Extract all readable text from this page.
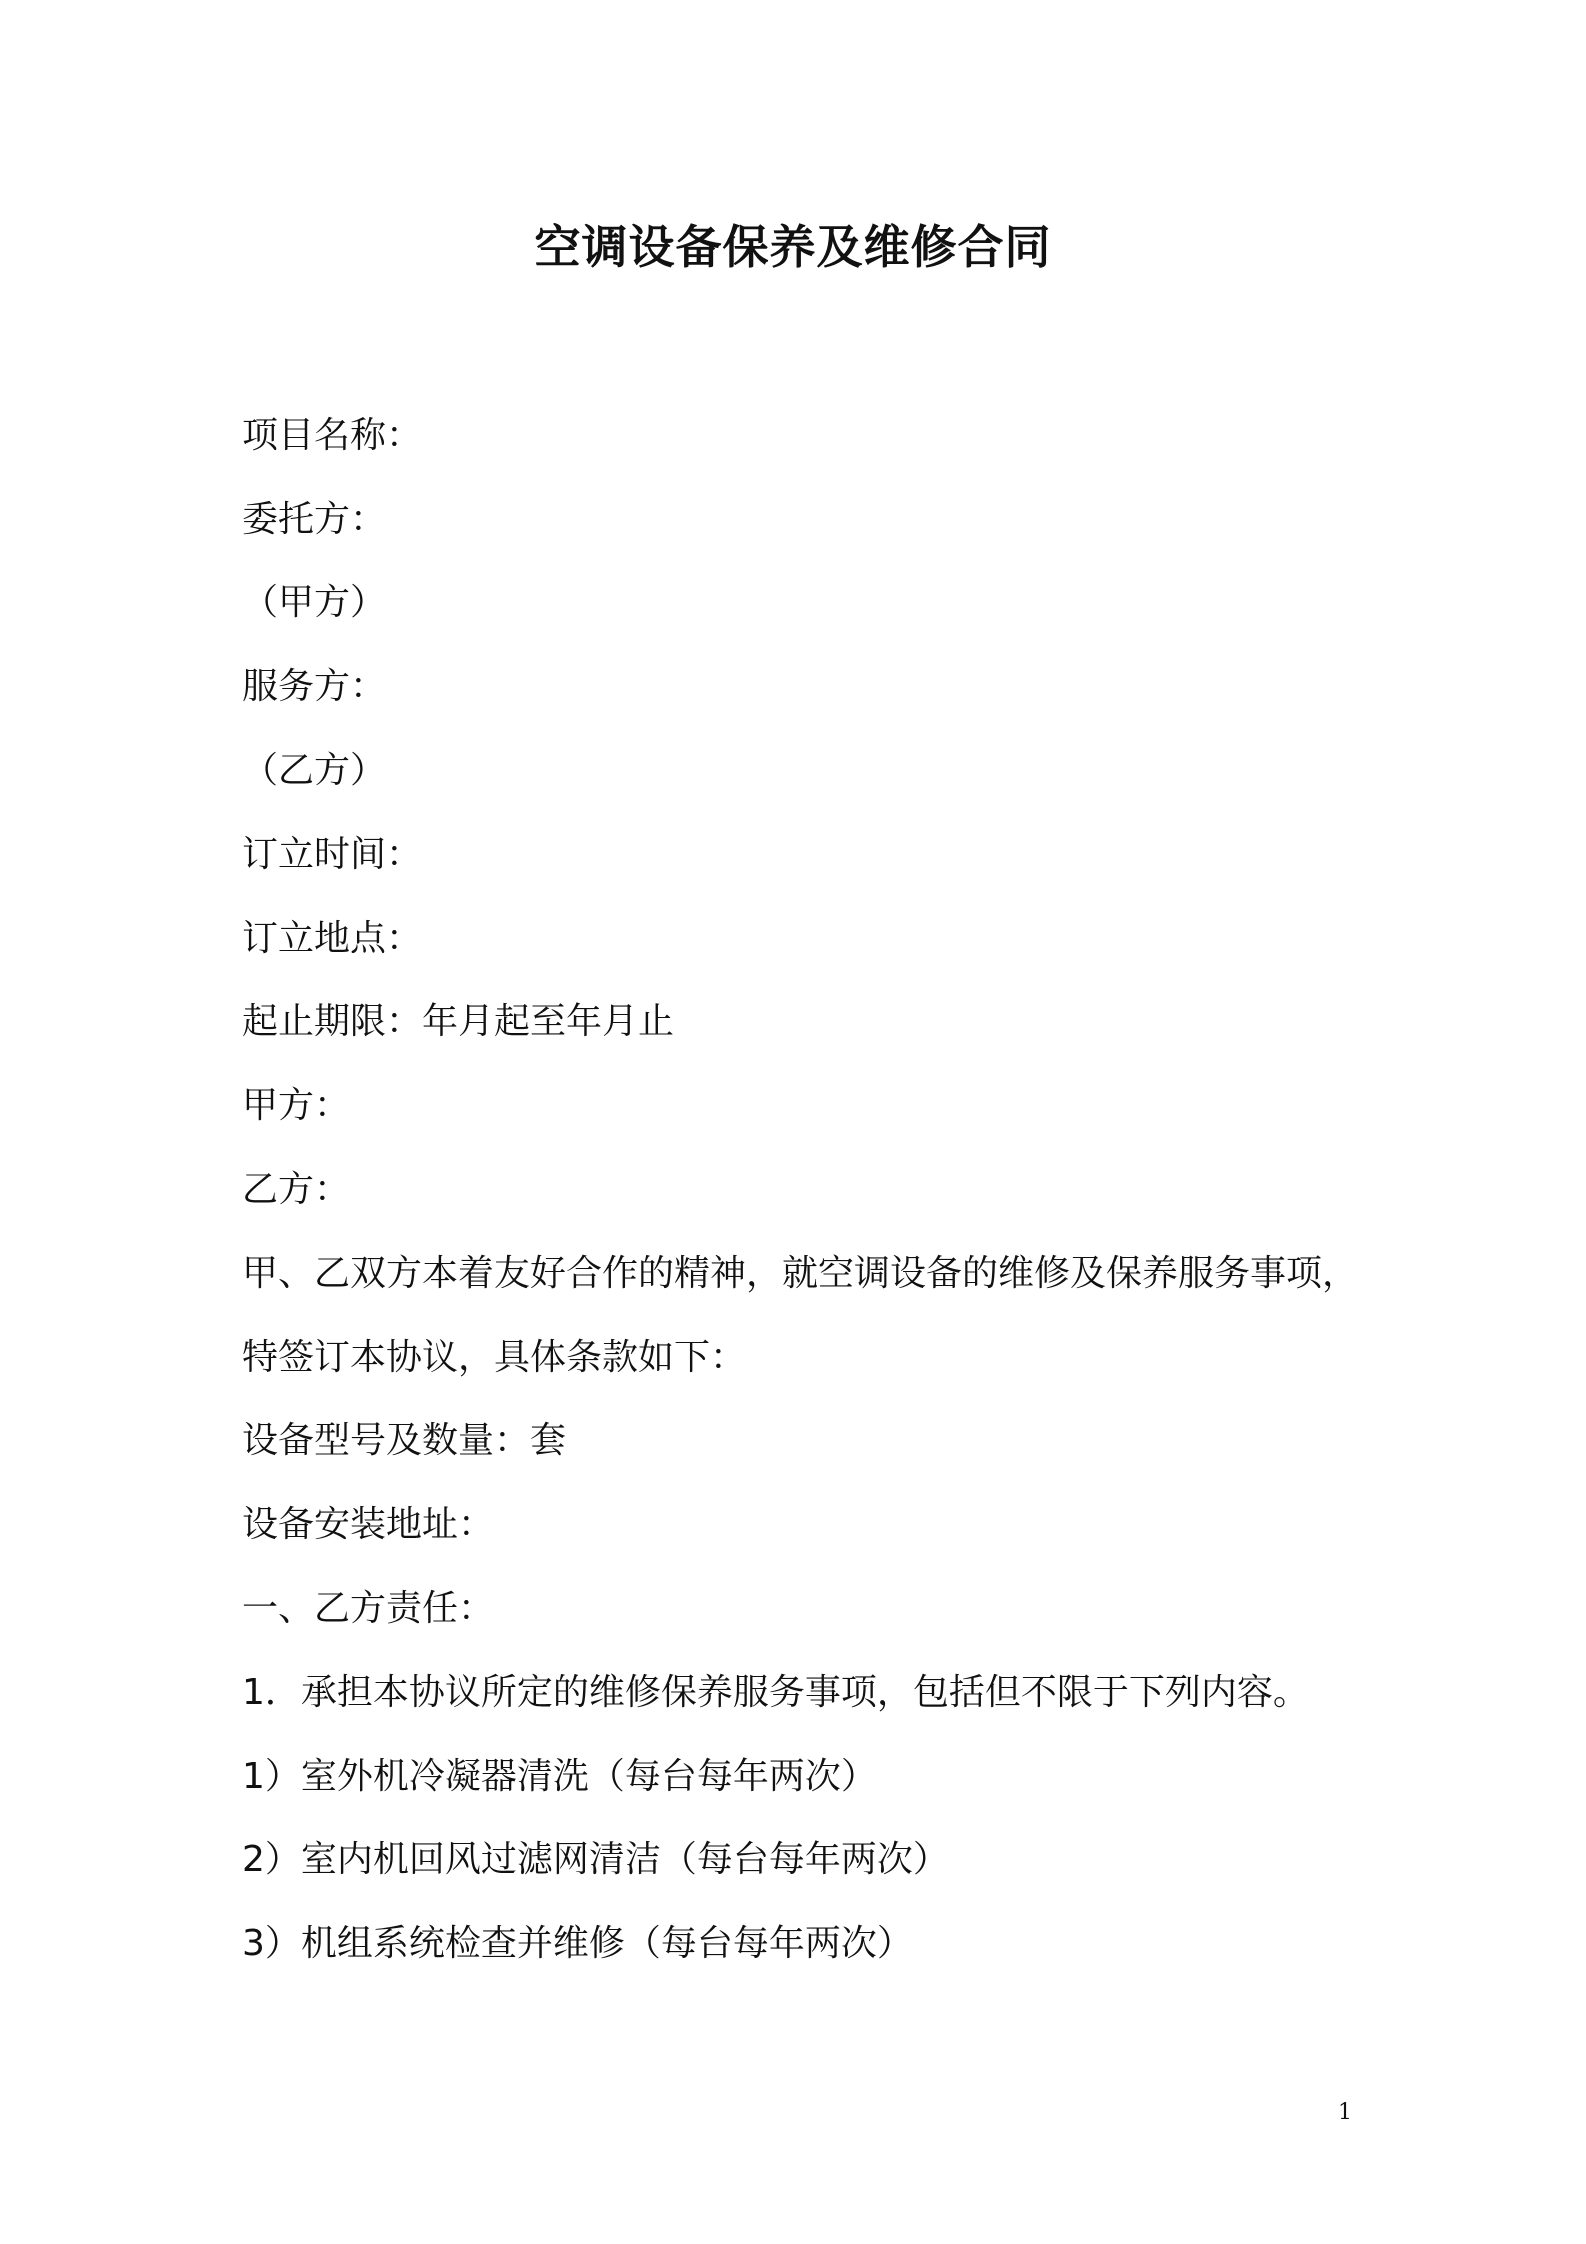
空调设备保养及维修合同

项目名称：

委托方：

（甲方）

服务方：

（乙方）

订立时间：

订立地点：

起止期限：年月起至年月止

甲方：

乙方：

甲、乙双方本着友好合作的精神，就空调设备的维修及保养服务事项，

特签订本协议，具体条款如下：

设备型号及数量：套

设备安装地址：

一、乙方责任：

1．承担本协议所定的维修保养服务事项，包括但不限于下列内容。

1）室外机冷凝器清洗（每台每年两次）

2）室内机回风过滤网清洁（每台每年两次）

3）机组系统检查并维修（每台每年两次）

1
